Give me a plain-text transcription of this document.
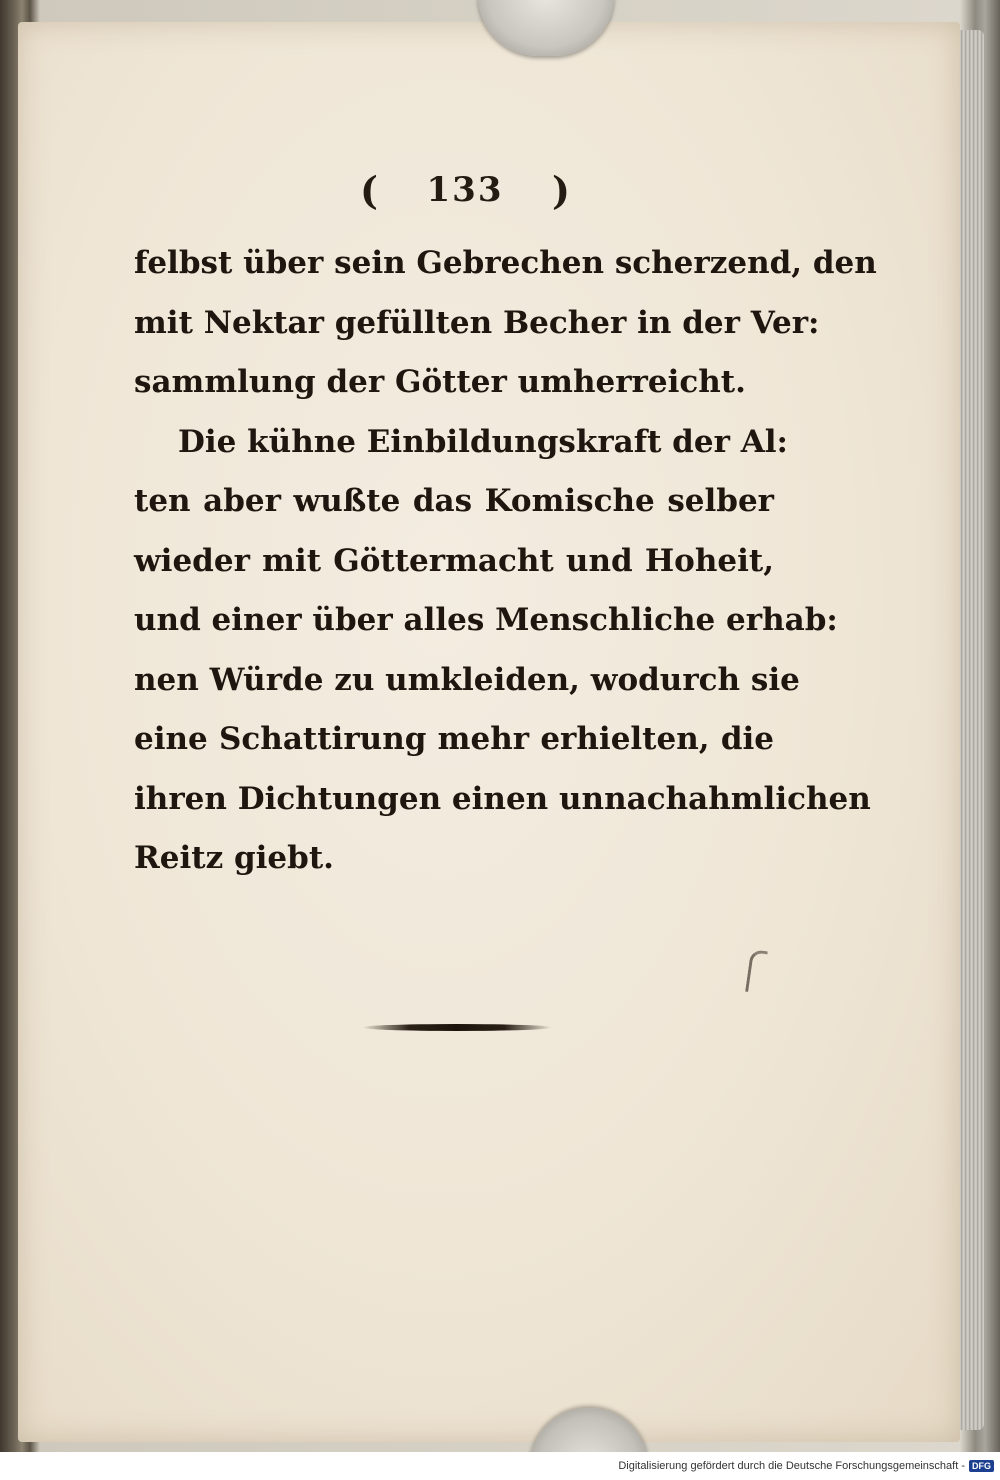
( 133 )
felbst über sein Gebrechen scherzend, den
mit Nektar gefüllten Becher in der Ver:
sammlung der Götter umherreicht.
Die kühne Einbildungskraft der Al:
ten aber wußte das Komische selber
wieder mit Göttermacht und Hoheit,
und einer über alles Menschliche erhab:
nen Würde zu umkleiden, wodurch sie
eine Schattirung mehr erhielten, die
ihren Dichtungen einen unnachahmlichen
Reitz giebt.
Digitalisierung gefördert durch die Deutsche Forschungsgemeinschaft - DFG
